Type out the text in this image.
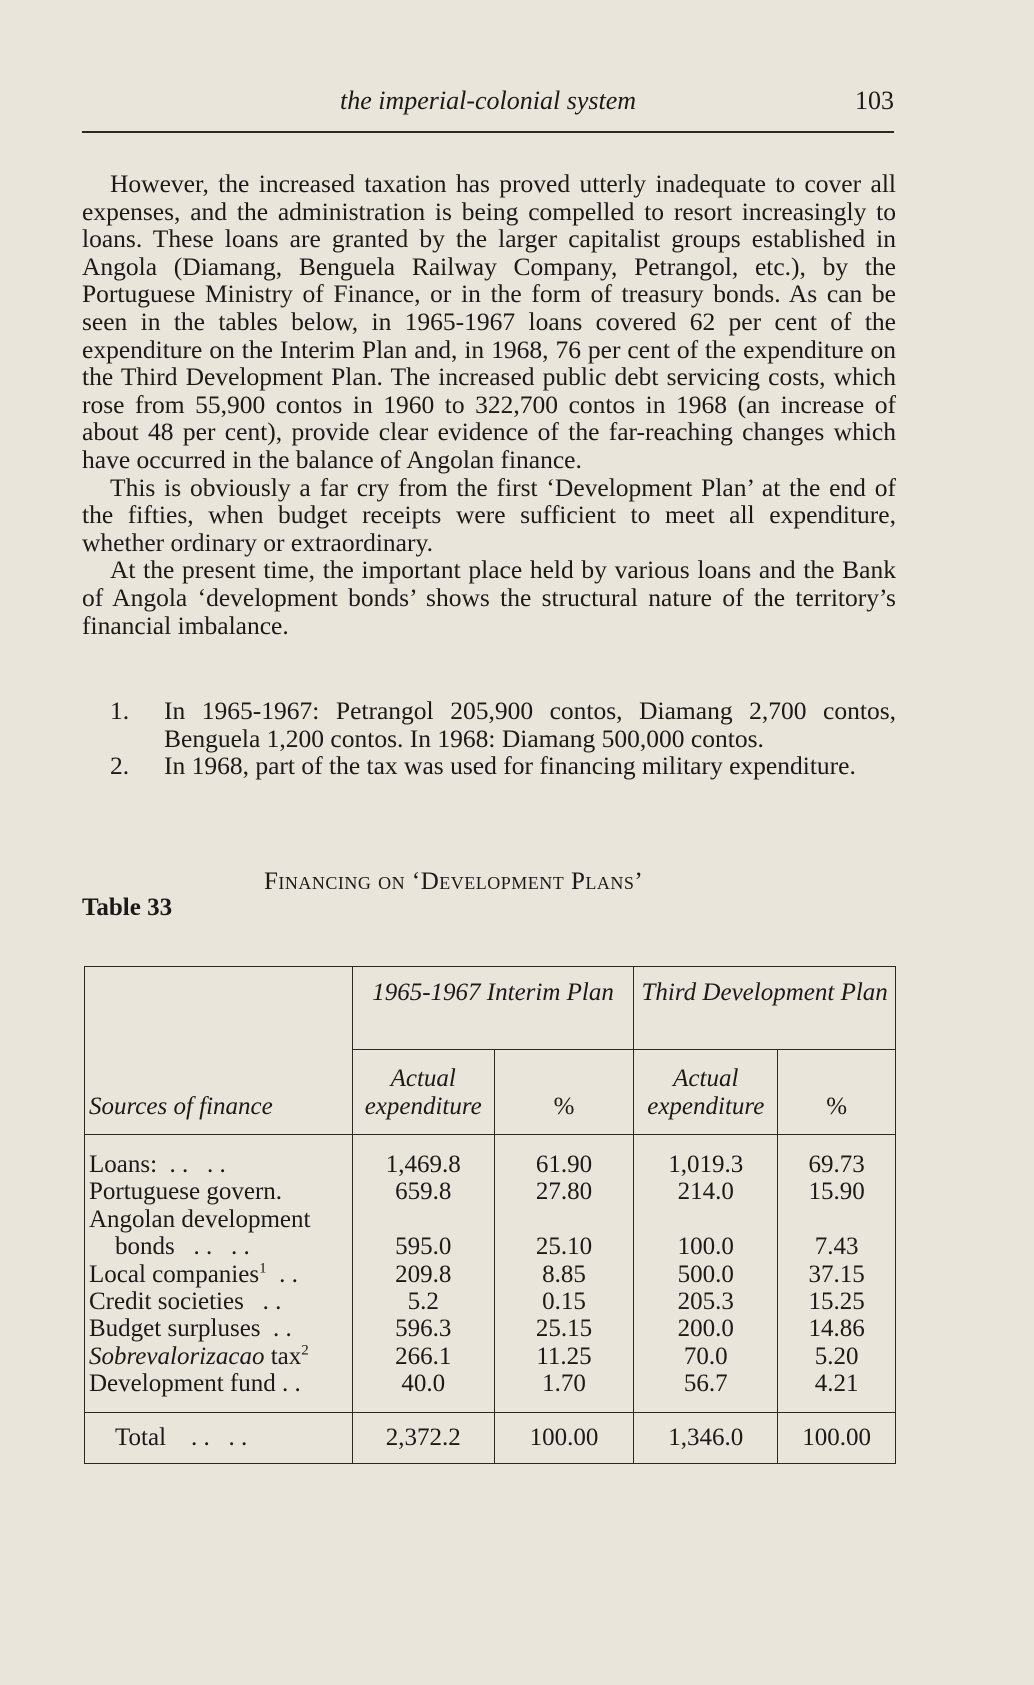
the imperial-colonial system	103

However, the increased taxation has proved utterly inadequate to cover all expenses, and the administration is being compelled to resort increasingly to loans. These loans are granted by the larger capitalist groups established in Angola (Diamang, Benguela Railway Company, Petrangol, etc.), by the Portuguese Ministry of Finance, or in the form of treasury bonds. As can be seen in the tables below, in 1965-1967 loans covered 62 per cent of the expenditure on the Interim Plan and, in 1968, 76 per cent of the expenditure on the Third Development Plan. The increased public debt servicing costs, which rose from 55,900 contos in 1960 to 322,700 contos in 1968 (an increase of about 48 per cent), provide clear evidence of the far-reaching changes which have occurred in the balance of Angolan finance.

This is obviously a far cry from the first ‘Development Plan’ at the end of the fifties, when budget receipts were sufficient to meet all expenditure, whether ordinary or extraordinary.

At the present time, the important place held by various loans and the Bank of Angola ‘development bonds’ shows the structural nature of the territory’s financial imbalance.

1. In 1965-1967: Petrangol 205,900 contos, Diamang 2,700 contos, Benguela 1,200 contos. In 1968: Diamang 500,000 contos.
2. In 1968, part of the tax was used for financing military expenditure.
Financing on ‘Development Plans’
Table 33
Sources of finance	1965-1967 Interim Plan		Third Development Plan	
	Actual expenditure	%	Actual expenditure	%

Loans: . .   . .	1,469.8	61.90	1,019.3	69.73
Portuguese govern.	659.8	27.80	214.0	15.90
Angolan development				
bonds . .   . .	595.0	25.10	100.0	7.43
Local companies$^1$ . .	209.8	8.85	500.0	37.15
Credit societies . .	5.2	0.15	205.3	15.25
Budget surpluses . .	596.3	25.15	200.0	14.86
Sobrevalorizacao tax$^2$	266.1	11.25	70.0	5.20
Development fund . .	40.0	1.70	56.7	4.21
Total . .   . .	2,372.2	100.00	1,346.0	100.00
